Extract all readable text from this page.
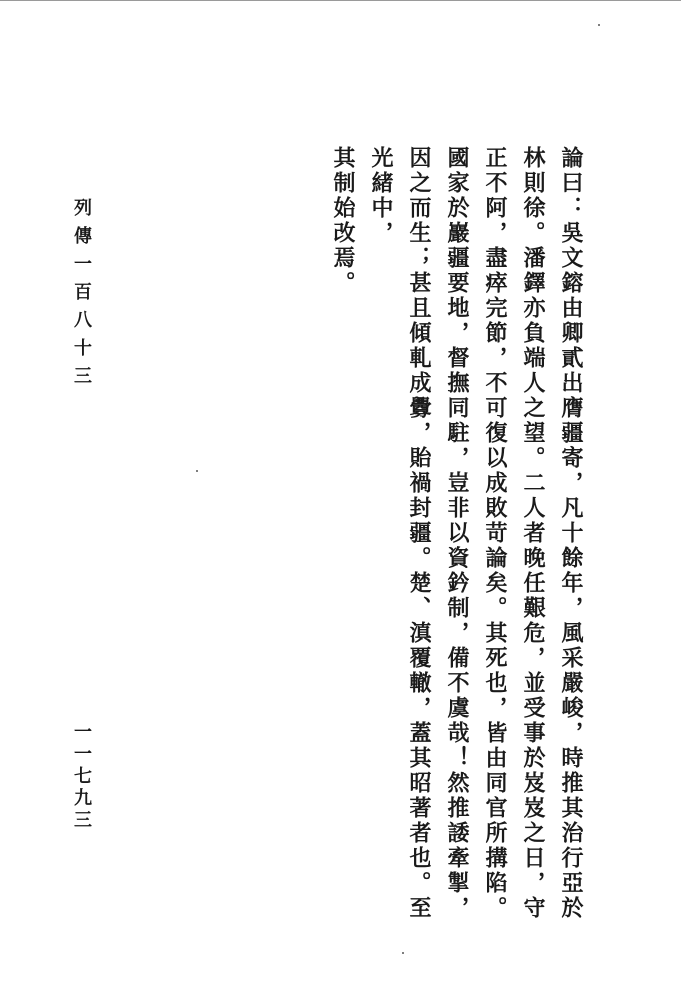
論曰：吳文鎔由卿貳出膺疆寄，凡十餘年，風采嚴峻，時推其治行亞於林則徐。潘鐸亦負端人之望。二人者晚任艱危，並受事於岌岌之日，守正不阿，盡瘁完節，不可復以成敗苛論矣。其死也，皆由同官所搆陷。國家於巖疆要地，督撫同駐，豈非以資鈐制，備不虞哉！然推諉牽掣，因之而生；甚且傾軋成釁，貽禍封疆。楚、滇覆轍，蓋其昭著者也。至光緒中，

其制始改焉。

列傳一百八十三
一一七九三
